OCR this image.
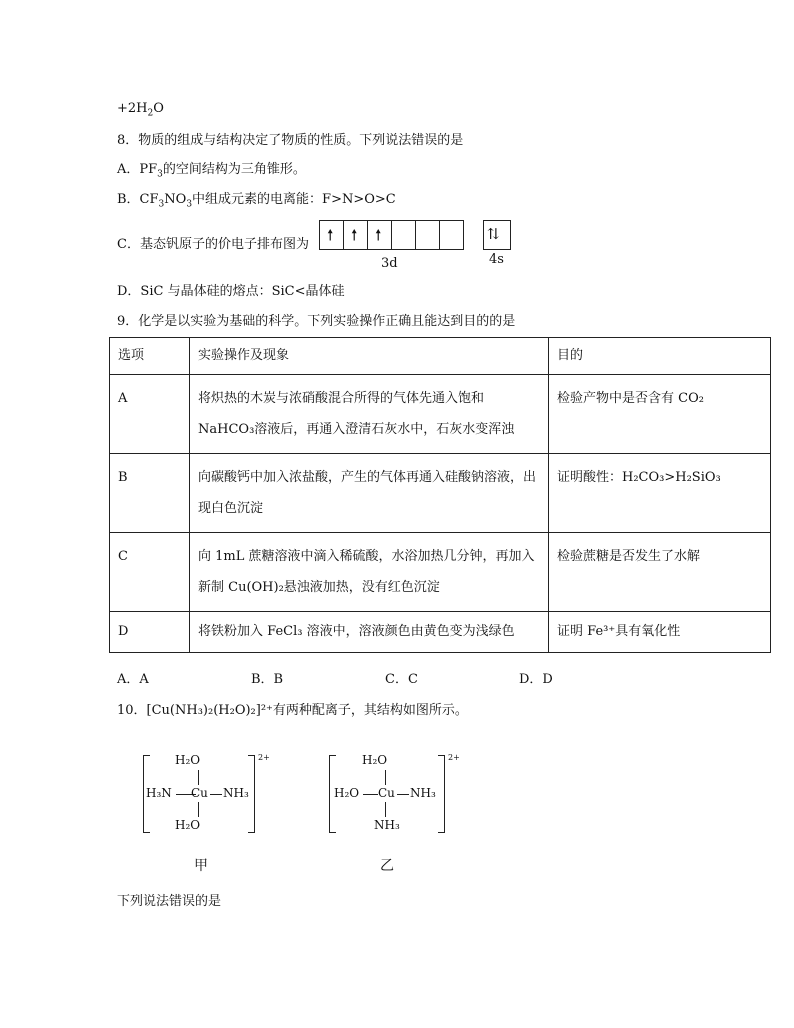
$+2H_2O$
8．物质的组成与结构决定了物质的性质。下列说法错误的是
A．$PF_3$的空间结构为三角锥形。
B．$CF_3NO_3$中组成元素的电离能：F>N>O>C
C．基态钒原子的价电子排布图为
🠕 🠕 🠕	⇅
3d	4s
D．SiC 与晶体硅的熔点：SiC<晶体硅
9．化学是以实验为基础的科学。下列实验操作正确且能达到目的的是
选项	实验操作及现象	目的
A	将炽热的木炭与浓硝酸混合所得的气体先通入饱和NaHCO₃溶液后，再通入澄清石灰水中，石灰水变浑浊	检验产物中是否含有 CO₂
B	向碳酸钙中加入浓盐酸，产生的气体再通入硅酸钠溶液，出现白色沉淀	证明酸性：H₂CO₃>H₂SiO₃
C	向 1mL 蔗糖溶液中滴入稀硫酸，水浴加热几分钟，再加入新制 Cu(OH)₂悬浊液加热，没有红色沉淀	检验蔗糖是否发生了水解
D	将铁粉加入 FeCl₃ 溶液中，溶液颜色由黄色变为浅绿色	证明 Fe³⁺具有氧化性
A．A	B．B	C．C	D．D
10．[Cu(NH₃)₂(H₂O)₂]²⁺有两种配离子，其结构如图所示。
H₂O
H₃N Cu NH₃
H₂O
2+
甲
H₂O
H₂O Cu NH₃
NH₃
2+
乙
下列说法错误的是
